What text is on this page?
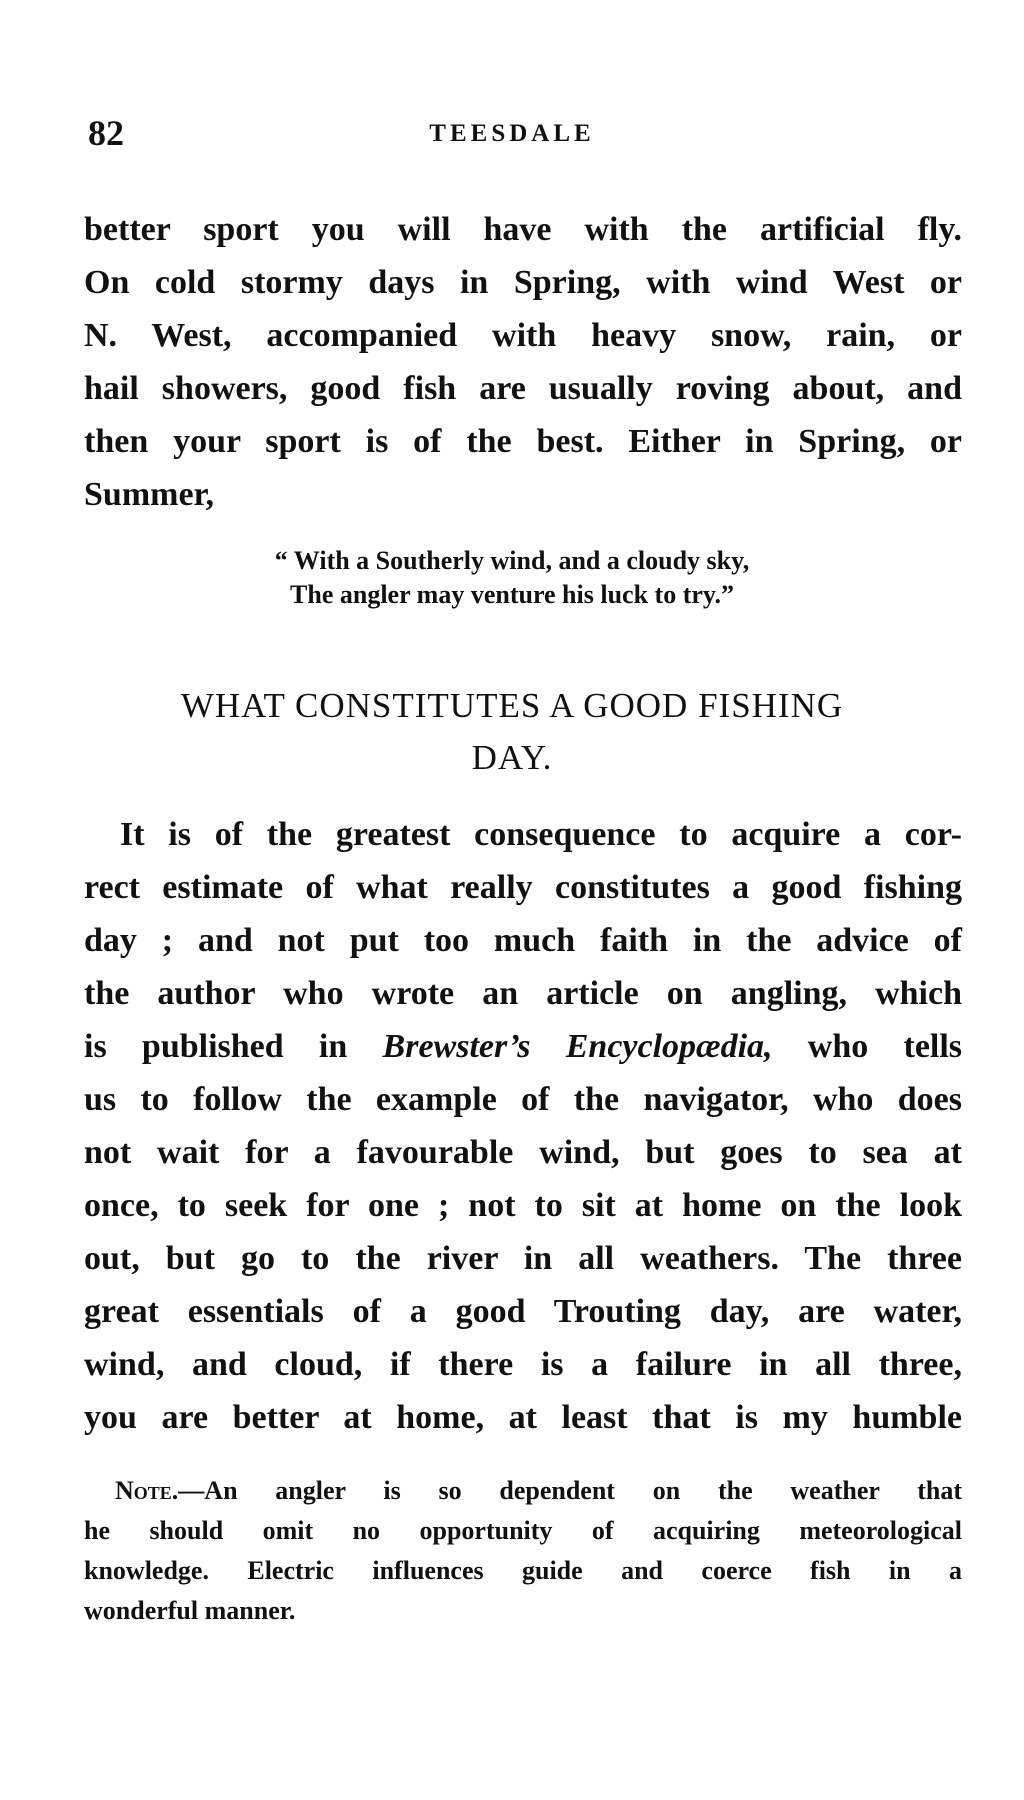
82	TEESDALE
better sport you will have with the artificial fly.
On cold stormy days in Spring, with wind West or
N. West, accompanied with heavy snow, rain, or
hail showers, good fish are usually roving about, and
then your sport is of the best. Either in Spring, or
Summer,
“ With a Southerly wind, and a cloudy sky,
The angler may venture his luck to try.”
WHAT CONSTITUTES A GOOD FISHING
DAY.
It is of the greatest consequence to acquire a cor-
rect estimate of what really constitutes a good fishing
day ; and not put too much faith in the advice of
the author who wrote an article on angling, which
is published in Brewster’s Encyclopædia, who tells
us to follow the example of the navigator, who does
not wait for a favourable wind, but goes to sea at
once, to seek for one ; not to sit at home on the look
out, but go to the river in all weathers. The three
great essentials of a good Trouting day, are water,
wind, and cloud, if there is a failure in all three,
you are better at home, at least that is my humble
Note.—An angler is so dependent on the weather that
he should omit no opportunity of acquiring meteorological
knowledge. Electric influences guide and coerce fish in a
wonderful manner.
